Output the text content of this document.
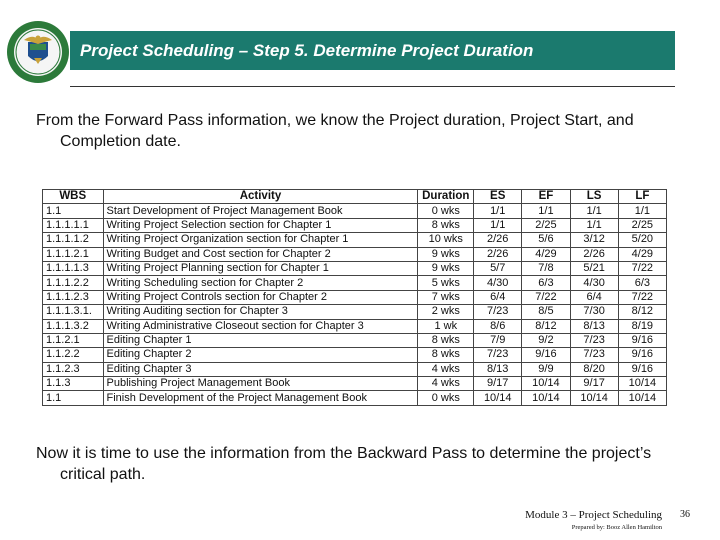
Project Scheduling – Step 5. Determine Project Duration
From the Forward Pass information, we know the Project duration, Project Start, and Completion date.
WBS	Activity	Duration	ES	EF	LS	LF
1.1	Start Development of Project Management Book	0 wks	1/1	1/1	1/1	1/1
1.1.1.1.1	Writing Project Selection section for Chapter 1	8 wks	1/1	2/25	1/1	2/25
1.1.1.1.2	Writing Project Organization section for Chapter 1	10 wks	2/26	5/6	3/12	5/20
1.1.1.2.1	Writing Budget and Cost section for Chapter 2	9 wks	2/26	4/29	2/26	4/29
1.1.1.1.3	Writing Project Planning section for Chapter 1	9 wks	5/7	7/8	5/21	7/22
1.1.1.2.2	Writing Scheduling section for Chapter 2	5 wks	4/30	6/3	4/30	6/3
1.1.1.2.3	Writing Project Controls section for Chapter 2	7 wks	6/4	7/22	6/4	7/22
1.1.1.3.1.	Writing Auditing section for Chapter 3	2 wks	7/23	8/5	7/30	8/12
1.1.1.3.2	Writing Administrative Closeout section for Chapter 3	1 wk	8/6	8/12	8/13	8/19
1.1.2.1	Editing Chapter 1	8 wks	7/9	9/2	7/23	9/16
1.1.2.2	Editing Chapter 2	8 wks	7/23	9/16	7/23	9/16
1.1.2.3	Editing Chapter 3	4 wks	8/13	9/9	8/20	9/16
1.1.3	Publishing Project Management Book	4 wks	9/17	10/14	9/17	10/14
1.1	Finish Development of the Project Management Book	0 wks	10/14	10/14	10/14	10/14
Now it is time to use the information from the Backward Pass to determine the project’s critical path.
Module 3 – Project Scheduling
Prepared by: Booz Allen Hamilton
36
